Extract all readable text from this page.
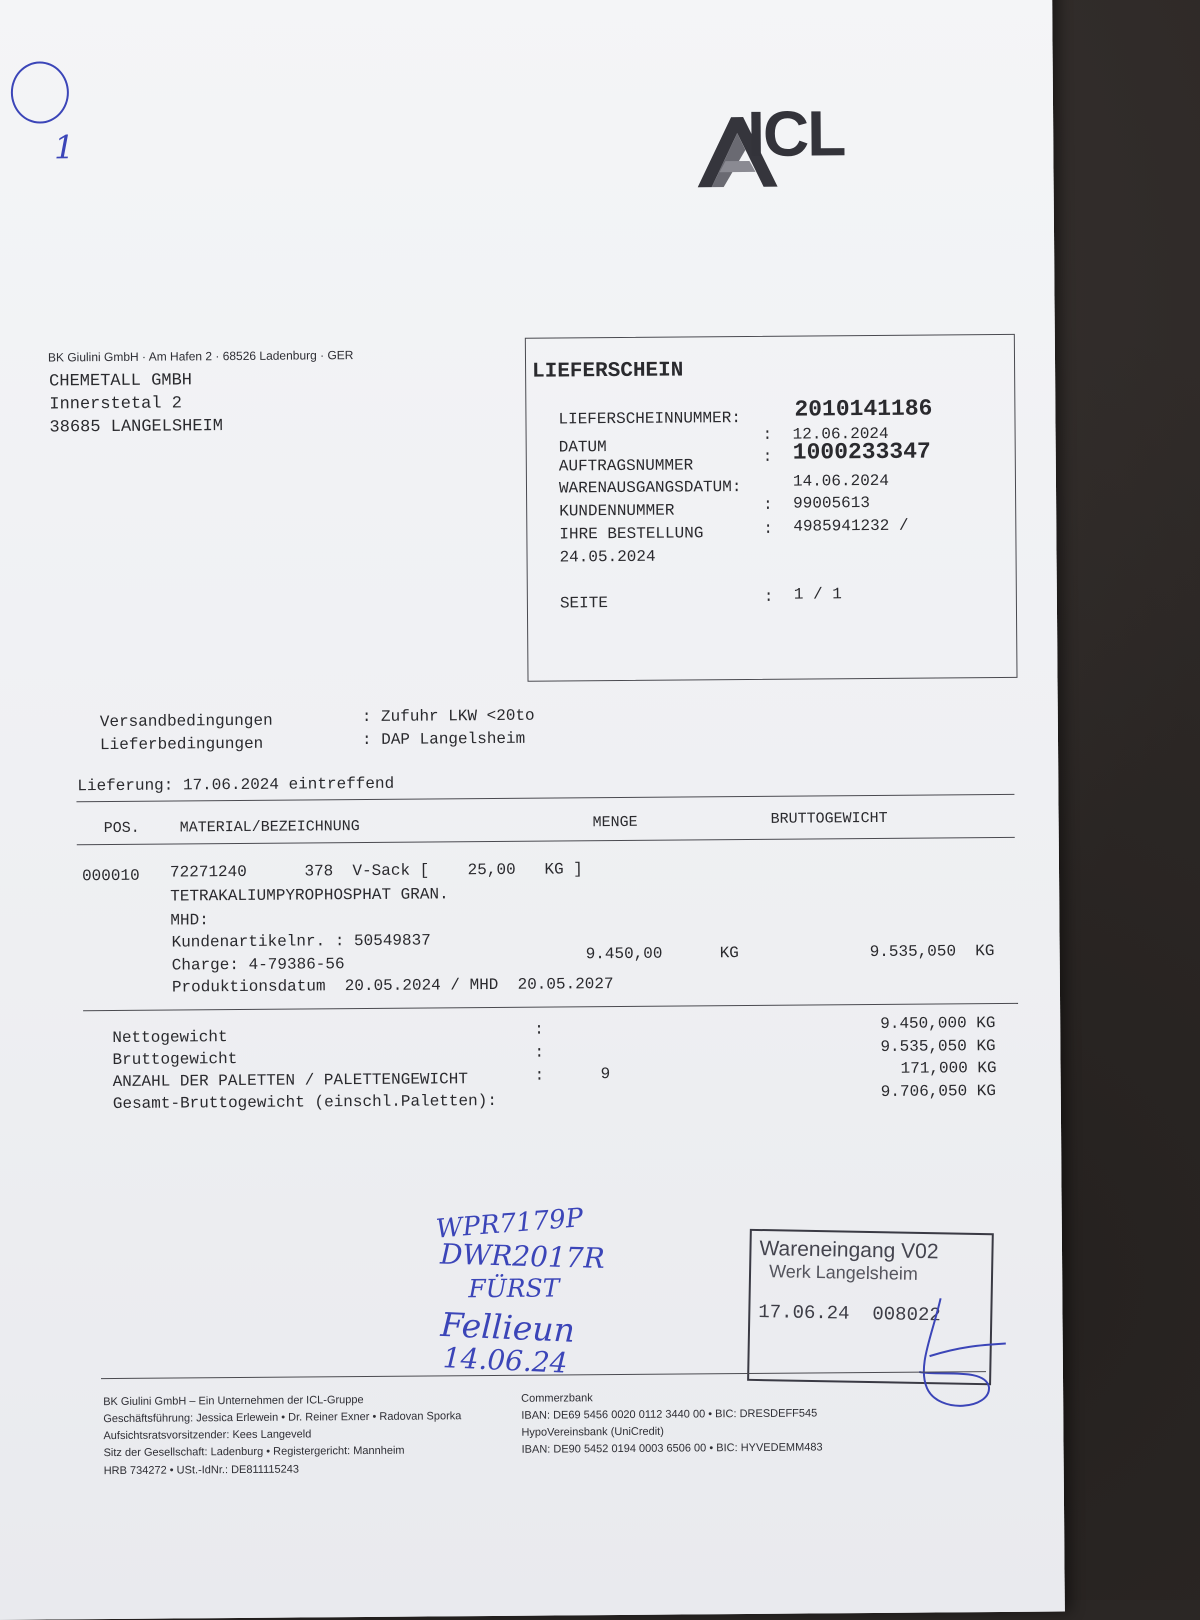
1

	ICL

BK Giulini GmbH · Am Hafen 2 · 68526 Ladenburg · GER
CHEMETALL GMBH
Innerstetal 2
38685 LANGELSHEIM
LIEFERSCHEIN
LIEFERSCHEINNUMMER: 2010141186
DATUM
: 12.06.2024
AUFTRAGSNUMMER	: 1000233347
WARENAUSGANGSDATUM:	14.06.2024
KUNDENNUMMER	: 99005613
IHRE BESTELLUNG	: 4985941232 /
24.05.2024
SEITE	: 1 / 1
Versandbedingungen	: Zufuhr LKW <20to
Lieferbedingungen	: DAP Langelsheim
Lieferung: 17.06.2024 eintreffend
POS.	MATERIAL/BEZEICHNUNG	MENGE	BRUTTOGEWICHT
000010 72271240      378  V-Sack [    25,00   KG ]
TETRAKALIUMPYROPHOSPHAT GRAN.
MHD:
Kundenartikelnr. : 50549837
Charge: 4-79386-56
Produktionsdatum  20.05.2024 / MHD  20.05.2027
9.450,00	KG	9.535,050  KG
Nettogewicht	:	9.450,000 KG
Bruttogewicht	:	9.535,050 KG
ANZAHL DER PALETTEN / PALETTENGEWICHT	:	9	171,000 KG
Gesamt-Bruttogewicht (einschl.Paletten):
9.706,050 KG
WPR7179P
DWR2017R
FÜRST
Fellieun
14.06.24
Wareneingang V02
Werk Langelsheim
17.06.24  008022
BK Giulini GmbH – Ein Unternehmen der ICL-Gruppe
Geschäftsführung: Jessica Erlewein • Dr. Reiner Exner • Radovan Sporka
Aufsichtsratsvorsitzender: Kees Langeveld
Sitz der Gesellschaft: Ladenburg • Registergericht: Mannheim
HRB 734272 • USt.-IdNr.: DE811115243
Commerzbank
IBAN: DE69 5456 0020 0112 3440 00 • BIC: DRESDEFF545
HypoVereinsbank (UniCredit)
IBAN: DE90 5452 0194 0003 6506 00 • BIC: HYVEDEMM483
